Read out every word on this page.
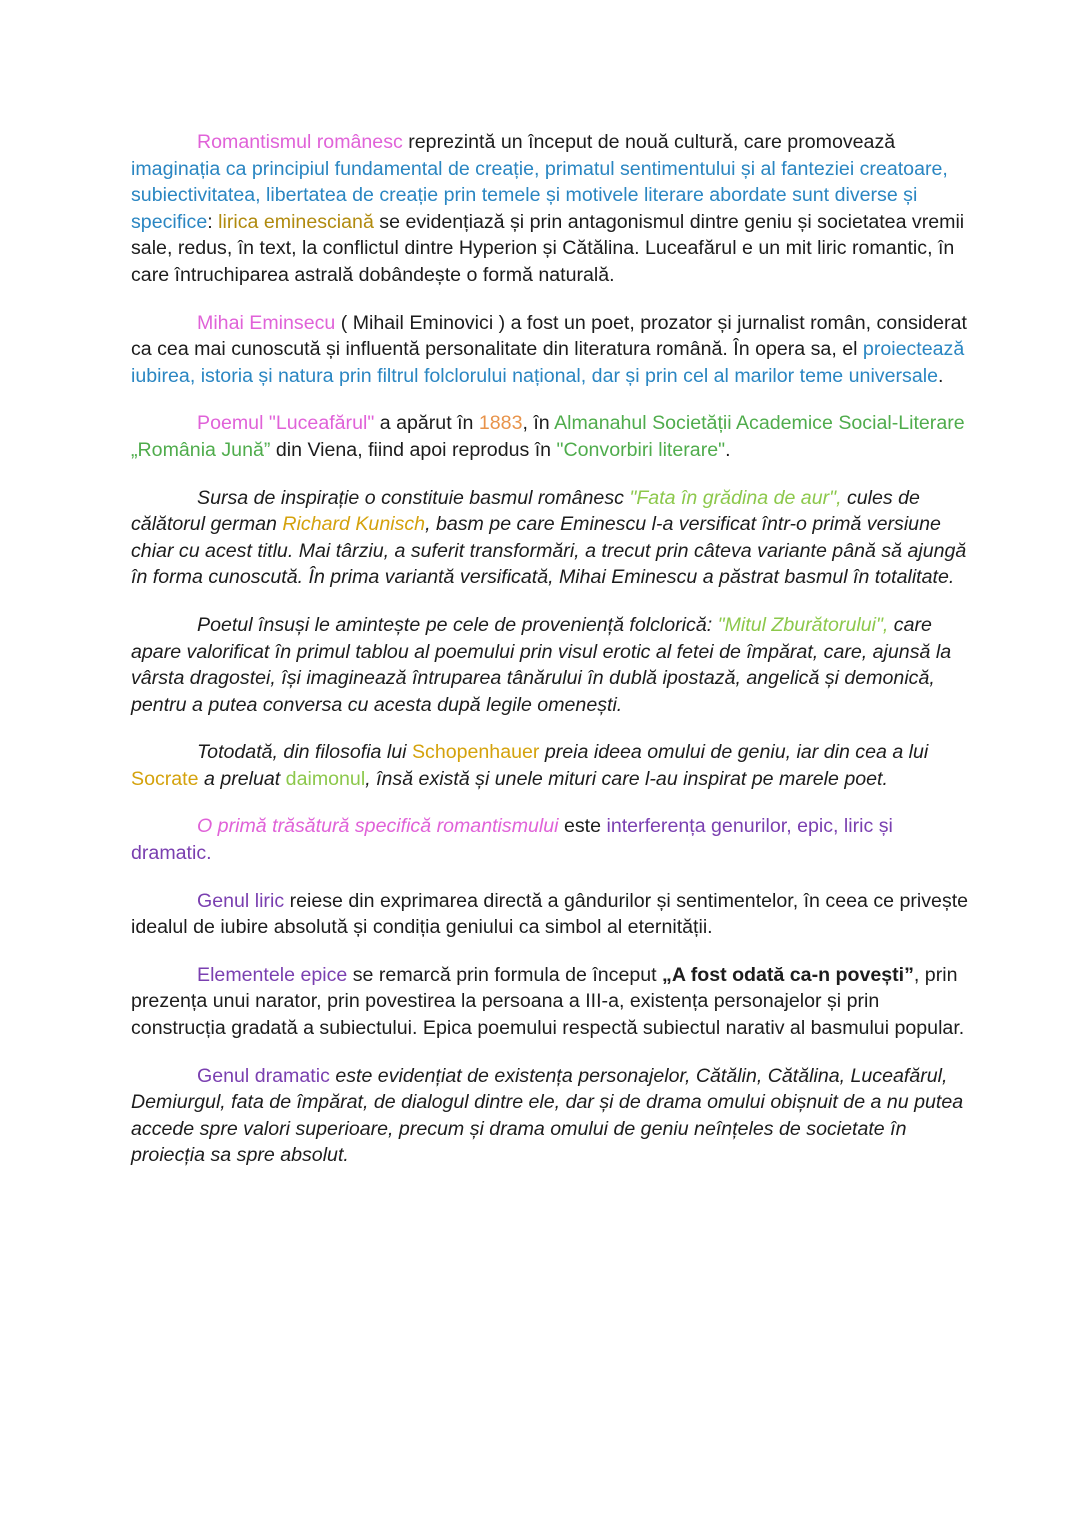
Romantismul românesc reprezintă un început de nouă cultură, care promovează imaginația ca principiul fundamental de creație, primatul sentimentului și al fanteziei creatoare, subiectivitatea, libertatea de creație prin temele și motivele literare abordate sunt diverse și specifice: lirica eminesciană se evidențiază și prin antagonismul dintre geniu și societatea vremii sale, redus, în text, la conflictul dintre Hyperion și Cătălina. Luceafărul e un mit liric romantic, în care întruchiparea astrală dobândește o formă naturală.

Mihai Eminsecu ( Mihail Eminovici ) a fost un poet, prozator și jurnalist român, considerat ca cea mai cunoscută și influentă personalitate din literatura română. În opera sa, el proiectează iubirea, istoria și natura prin filtrul folclorului național, dar și prin cel al marilor teme universale.

Poemul "Luceafărul" a apărut în 1883, în Almanahul Societății Academice Social-Literare „România Jună” din Viena, fiind apoi reprodus în "Convorbiri literare".

Sursa de inspirație o constituie basmul românesc "Fata în grădina de aur", cules de călătorul german Richard Kunisch, basm pe care Eminescu l-a versificat într-o primă versiune chiar cu acest titlu. Mai târziu, a suferit transformări, a trecut prin câteva variante până să ajungă în forma cunoscută. În prima variantă versificată, Mihai Eminescu a păstrat basmul în totalitate.

Poetul însuși le amintește pe cele de proveniență folclorică: "Mitul Zburătorului", care apare valorificat în primul tablou al poemului prin visul erotic al fetei de împărat, care, ajunsă la vârsta dragostei, își imaginează întruparea tânărului în dublă ipostază, angelică și demonică, pentru a putea conversa cu acesta după legile omenești.

Totodată, din filosofia lui Schopenhauer preia ideea omului de geniu, iar din cea a lui Socrate a preluat daimonul, însă există și unele mituri care l-au inspirat pe marele poet.

O primă trăsătură specifică romantismului este interferența genurilor, epic, liric și dramatic.

Genul liric reiese din exprimarea directă a gândurilor și sentimentelor, în ceea ce privește idealul de iubire absolută și condiția geniului ca simbol al eternității.

Elementele epice se remarcă prin formula de început „A fost odată ca-n povești”, prin prezența unui narator, prin povestirea la persoana a III-a, existența personajelor și prin construcția gradată a subiectului. Epica poemului respectă subiectul narativ al basmului popular.

Genul dramatic este evidențiat de existența personajelor, Cătălin, Cătălina, Luceafărul, Demiurgul, fata de împărat, de dialogul dintre ele, dar și de drama omului obișnuit de a nu putea accede spre valori superioare, precum și drama omului de geniu neînțeles de societate în proiecția sa spre absolut.
